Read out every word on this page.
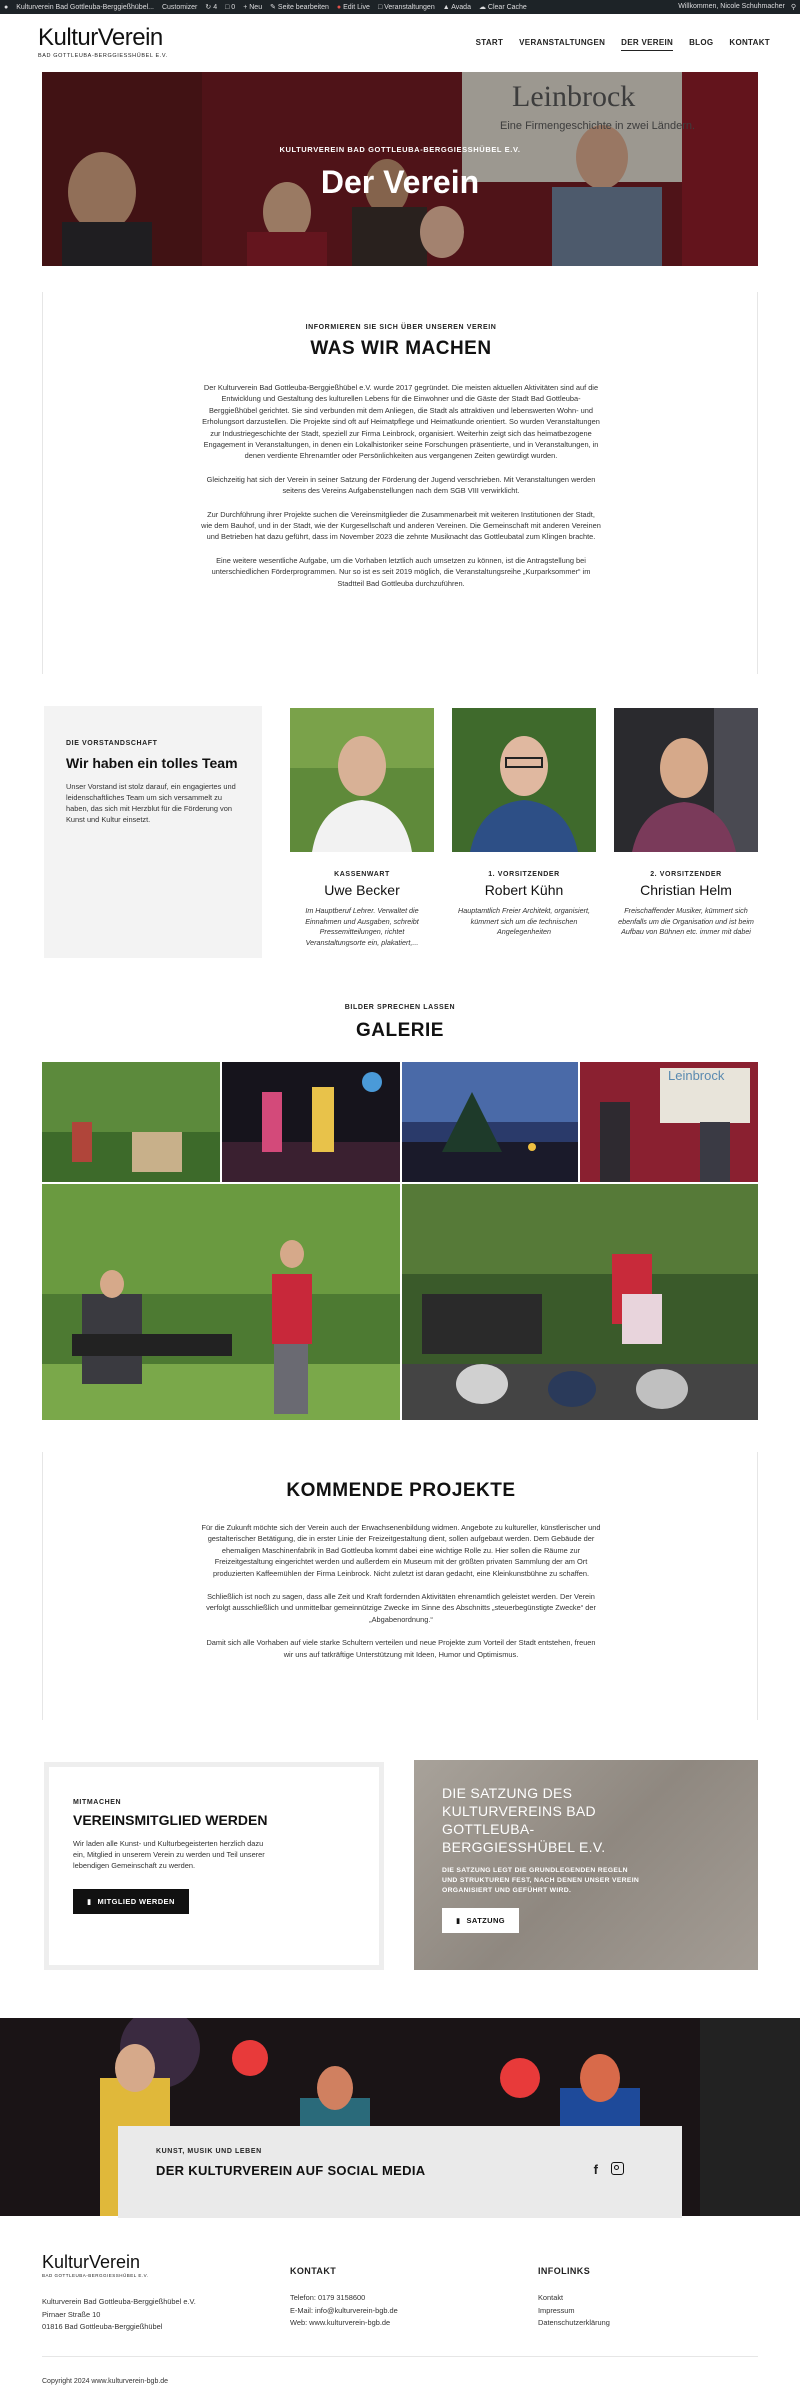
● Kulturverein Bad Gottleuba-Berggießhübel... Customizer ↻ 4 □ 0 + Neu ✎ Seite bearbeiten ● Edit Live □ Veranstaltungen ▲ Avada ☁ Clear Cache	Willkommen, Nicole Schuhmacher ⚲
KulturVerein
BAD GOTTLEUBA-BERGGIESSHÜBEL E.V.
START VERANSTALTUNGEN DER VEREIN BLOG KONTAKT
Leinbrock
Eine Firmengeschichte in zwei Ländern.
KULTURVEREIN BAD GOTTLEUBA-BERGGIESSHÜBEL E.V.
Der Verein
INFORMIEREN SIE SICH ÜBER UNSEREN VEREIN
WAS WIR MACHEN

Der Kulturverein Bad Gottleuba-Berggießhübel e.V. wurde 2017 gegründet. Die meisten aktuellen Aktivitäten sind auf die Entwicklung und Gestaltung des kulturellen Lebens für die Einwohner und die Gäste der Stadt Bad Gottleuba-Berggießhübel gerichtet. Sie sind verbunden mit dem Anliegen, die Stadt als attraktiven und lebenswerten Wohn- und Erholungsort darzustellen. Die Projekte sind oft auf Heimatpflege und Heimatkunde orientiert. So wurden Veranstaltungen zur Industriegeschichte der Stadt, speziell zur Firma Leinbrock, organisiert. Weiterhin zeigt sich das heimatbezogene Engagement in Veranstaltungen, in denen ein Lokalhistoriker seine Forschungen präsentierte, und in Veranstaltungen, in denen verdiente Ehrenamtler oder Persönlichkeiten aus vergangenen Zeiten gewürdigt wurden.

Gleichzeitig hat sich der Verein in seiner Satzung der Förderung der Jugend verschrieben. Mit Veranstaltungen werden seitens des Vereins Aufgabenstellungen nach dem SGB VIII verwirklicht.

Zur Durchführung ihrer Projekte suchen die Vereinsmitglieder die Zusammenarbeit mit weiteren Institutionen der Stadt, wie dem Bauhof, und in der Stadt, wie der Kurgesellschaft und anderen Vereinen. Die Gemeinschaft mit anderen Vereinen und Betrieben hat dazu geführt, dass im November 2023 die zehnte Musiknacht das Gottleubatal zum Klingen brachte.

Eine weitere wesentliche Aufgabe, um die Vorhaben letztlich auch umsetzen zu können, ist die Antragstellung bei unterschiedlichen Förderprogrammen. Nur so ist es seit 2019 möglich, die Veranstaltungsreihe „Kurparksommer“ im Stadtteil Bad Gottleuba durchzuführen.

DIE VORSTANDSCHAFT
Wir haben ein tolles Team
Unser Vorstand ist stolz darauf, ein engagiertes und leidenschaftliches Team um sich versammelt zu haben, das sich mit Herzblut für die Förderung von Kunst und Kultur einsetzt.
KASSENWART
Uwe Becker
Im Hauptberuf Lehrer. Verwaltet die Einnahmen und Ausgaben, schreibt Pressemitteilungen, richtet Veranstaltungsorte ein, plakatiert,...
1. VORSITZENDER
Robert Kühn
Hauptamtlich Freier Architekt, organisiert, kümmert sich um die technischen Angelegenheiten
2. VORSITZENDER
Christian Helm
Freischaffender Musiker, kümmert sich ebenfalls um die Organisation und ist beim Aufbau von Bühnen etc. immer mit dabei
BILDER SPRECHEN LASSEN
GALERIE
Leinbrock
KOMMENDE PROJEKTE

Für die Zukunft möchte sich der Verein auch der Erwachsenenbildung widmen. Angebote zu kultureller, künstlerischer und gestalterischer Betätigung, die in erster Linie der Freizeitgestaltung dient, sollen aufgebaut werden. Dem Gebäude der ehemaligen Maschinenfabrik in Bad Gottleuba kommt dabei eine wichtige Rolle zu. Hier sollen die Räume zur Freizeitgestaltung eingerichtet werden und außerdem ein Museum mit der größten privaten Sammlung der am Ort produzierten Kaffeemühlen der Firma Leinbrock. Nicht zuletzt ist daran gedacht, eine Kleinkunstbühne zu schaffen.

Schließlich ist noch zu sagen, dass alle Zeit und Kraft fordernden Aktivitäten ehrenamtlich geleistet werden. Der Verein verfolgt ausschließlich und unmittelbar gemeinnützige Zwecke im Sinne des Abschnitts „steuerbegünstigte Zwecke“ der „Abgabenordnung.“

Damit sich alle Vorhaben auf viele starke Schultern verteilen und neue Projekte zum Vorteil der Stadt entstehen, freuen wir uns auf tatkräftige Unterstützung mit Ideen, Humor und Optimismus.

MITMACHEN
VEREINSMITGLIED WERDEN
Wir laden alle Kunst- und Kulturbegeisterten herzlich dazu ein, Mitglied in unserem Verein zu werden und Teil unserer lebendigen Gemeinschaft zu werden.
▮ MITGLIED WERDEN
DIE SATZUNG DES KULTURVEREINS BAD GOTTLEUBA-BERGGIESSHÜBEL E.V.
DIE SATZUNG LEGT DIE GRUNDLEGENDEN REGELN UND STRUKTUREN FEST, NACH DENEN UNSER VEREIN ORGANISIERT UND GEFÜHRT WIRD.
▮ SATZUNG
KUNST, MUSIK UND LEBEN
DER KULTURVEREIN AUF SOCIAL MEDIA	f
KulturVerein
BAD GOTTLEUBA-BERGGIESSHÜBEL E.V.
Kulturverein Bad Gottleuba-Berggießhübel e.V.
Pirnaer Straße 10
01816 Bad Gottleuba-Berggießhübel
KONTAKT
Telefon: 0179 3158600
E-Mail: info@kulturverein-bgb.de
Web: www.kulturverein-bgb.de
INFOLINKS
Kontakt
Impressum
Datenschutzerklärung
Copyright 2024 www.kulturverein-bgb.de
